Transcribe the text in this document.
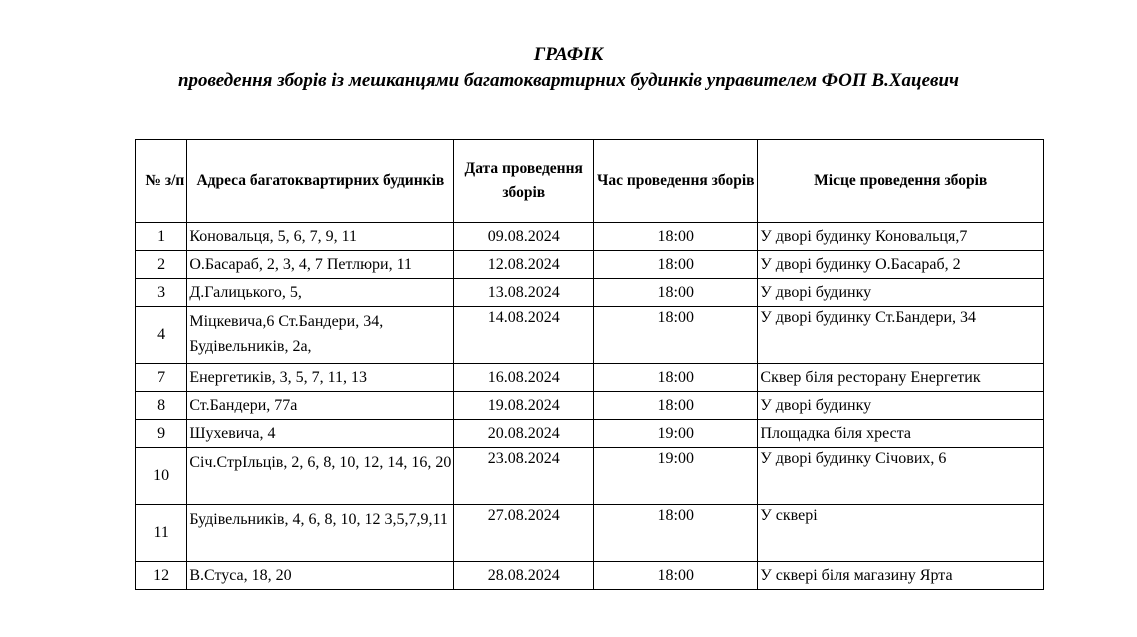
ГРАФІК
проведення зборів із мешканцями багатоквартирних будинків управителем ФОП В.Хацевич
№ з/п	Адреса багатоквартирних будинків	Дата проведення зборів	Час проведення зборів	Місце проведення зборів
1	Коновальця, 5, 6, 7, 9, 11	09.08.2024	18:00	У дворі будинку Коновальця,7
2	О.Басараб, 2, 3, 4, 7 Петлюри, 11	12.08.2024	18:00	У дворі будинку О.Басараб, 2
3	Д.Галицького, 5,	13.08.2024	18:00	У дворі будинку
4	Міцкевича,6 Ст.Бандери, 34, Будівельників, 2а,	14.08.2024	18:00	У дворі будинку Ст.Бандери, 34
7	Енергетиків, 3, 5, 7, 11, 13	16.08.2024	18:00	Сквер біля ресторану Енергетик
8	Ст.Бандери, 77а	19.08.2024	18:00	У дворі будинку
9	Шухевича, 4	20.08.2024	19:00	Площадка біля хреста
10	Січ.СтрІльців, 2, 6, 8, 10, 12, 14, 16, 20	23.08.2024	19:00	У дворі будинку Січових, 6
11	Будівельників, 4, 6, 8, 10, 12 3,5,7,9,11	27.08.2024	18:00	У сквері
12	В.Стуса, 18, 20	28.08.2024	18:00	У сквері біля магазину Ярта
